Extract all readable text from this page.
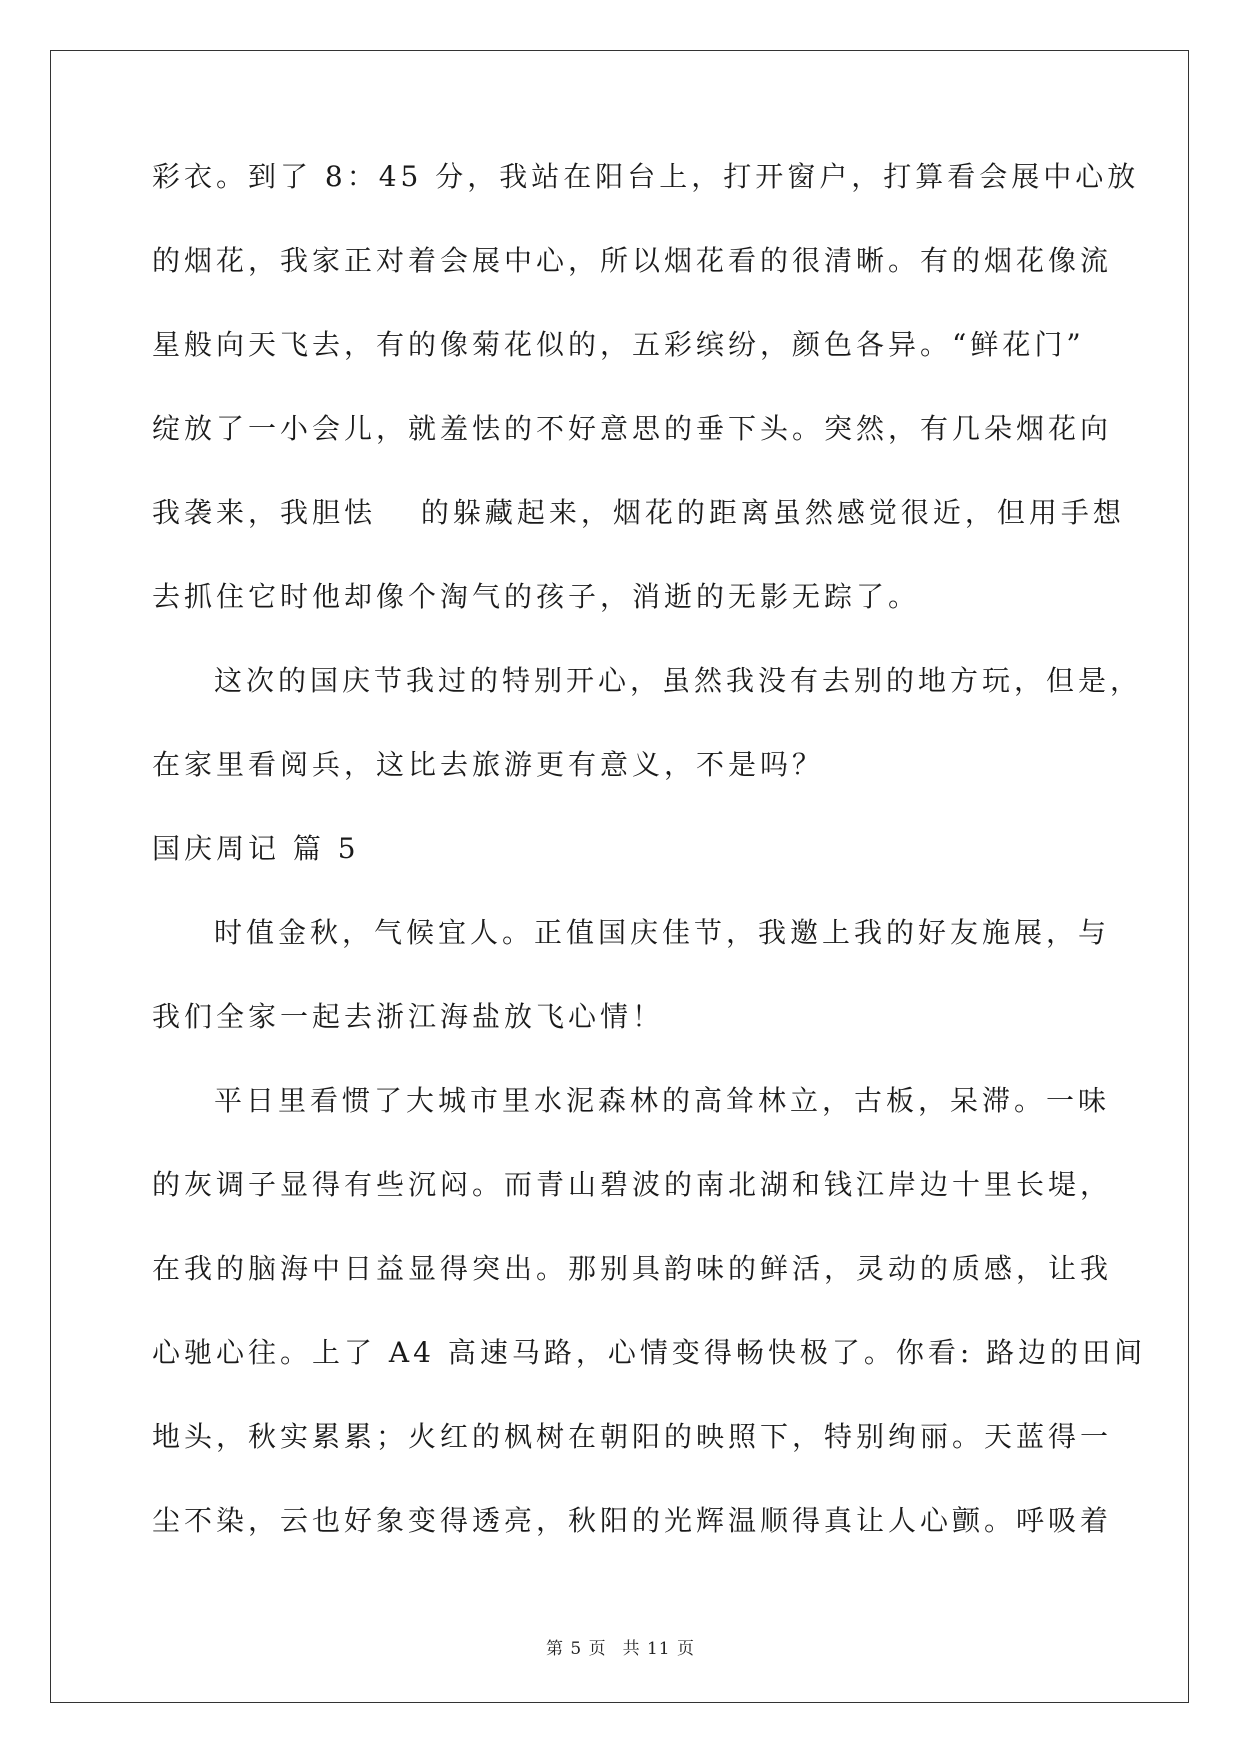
彩衣。到了 8：45 分，我站在阳台上，打开窗户，打算看会展中心放
的烟花，我家正对着会展中心，所以烟花看的很清晰。有的烟花像流
星般向天飞去，有的像菊花似的，五彩缤纷，颜色各异。“鲜花门”
绽放了一小会儿，就羞怯的不好意思的垂下头。突然，有几朵烟花向
我袭来，我胆怯　 的躲藏起来，烟花的距离虽然感觉很近，但用手想
去抓住它时他却像个淘气的孩子，消逝的无影无踪了。
这次的国庆节我过的特别开心，虽然我没有去别的地方玩，但是，
在家里看阅兵，这比去旅游更有意义，不是吗？
国庆周记 篇 5
时值金秋，气候宜人。正值国庆佳节，我邀上我的好友施展，与
我们全家一起去浙江海盐放飞心情！
平日里看惯了大城市里水泥森林的高耸林立，古板，呆滞。一味
的灰调子显得有些沉闷。而青山碧波的南北湖和钱江岸边十里长堤，
在我的脑海中日益显得突出。那别具韵味的鲜活，灵动的质感，让我
心驰心往。上了 A4 高速马路，心情变得畅快极了。你看: 路边的田间
地头，秋实累累；火红的枫树在朝阳的映照下，特别绚丽。天蓝得一
尘不染，云也好象变得透亮，秋阳的光辉温顺得真让人心颤。呼吸着
第 5 页 共 11 页
